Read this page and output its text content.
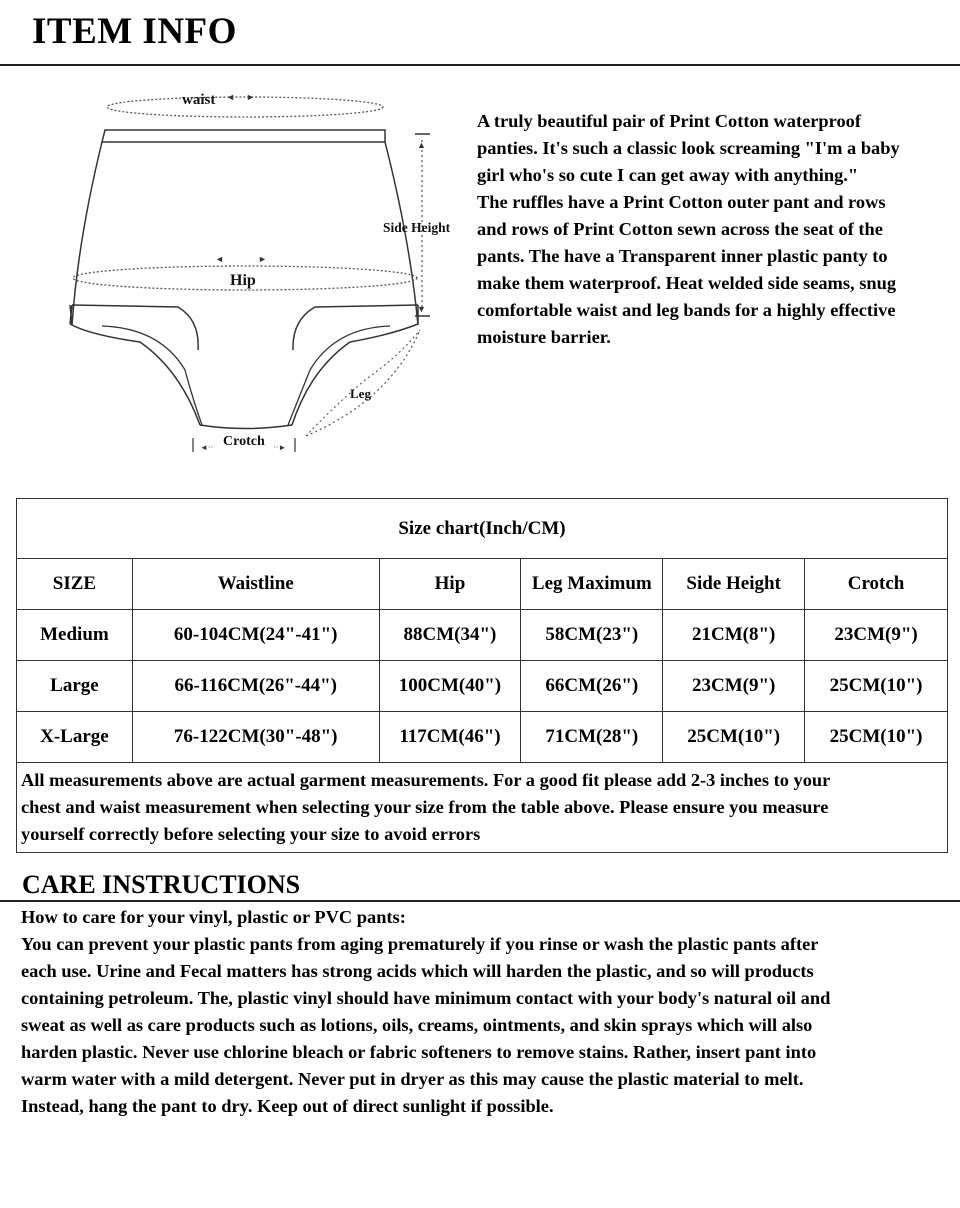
ITEM INFO
waist ◄ ►
Hip
◄	►
▲
▼
Side Height
Leg
◄··	··►
Crotch

A truly beautiful pair of Print Cotton waterproof

panties. It's such a classic look screaming "I'm a baby

girl who's so cute I can get away with anything."

The ruffles have a Print Cotton outer pant and rows

and rows of Print Cotton sewn across the seat of the

pants. The have a Transparent inner plastic panty to

make them waterproof. Heat welded side seams, snug

comfortable waist and leg bands for a highly effective

moisture barrier.

Size chart(Inch/CM)					
SIZE	Waistline	Hip	Leg Maximum	Side Height	Crotch
Medium	60-104CM(24"-41")	88CM(34")	58CM(23")	21CM(8")	23CM(9")
Large	66-116CM(26"-44")	100CM(40")	66CM(26")	23CM(9")	25CM(10")
X-Large	76-122CM(30"-48")	117CM(46")	71CM(28")	25CM(10")	25CM(10")

All measurements above are actual garment measurements. For a good fit please add 2-3 inches to your
chest and waist measurement when selecting your size from the table above. Please ensure you measure
yourself correctly before selecting your size to avoid errors					
CARE INSTRUCTIONS

How to care for your vinyl, plastic or PVC pants:

You can prevent your plastic pants from aging prematurely if you rinse or wash the plastic pants after

each use. Urine and Fecal matters has strong acids which will harden the plastic, and so will products

containing petroleum. The, plastic vinyl should have minimum contact with your body's natural oil and

sweat as well as care products such as lotions, oils, creams, ointments, and skin sprays which will also

harden plastic. Never use chlorine bleach or fabric softeners to remove stains. Rather, insert pant into

warm water with a mild detergent. Never put in dryer as this may cause the plastic material to melt.

Instead, hang the pant to dry. Keep out of direct sunlight if possible.
